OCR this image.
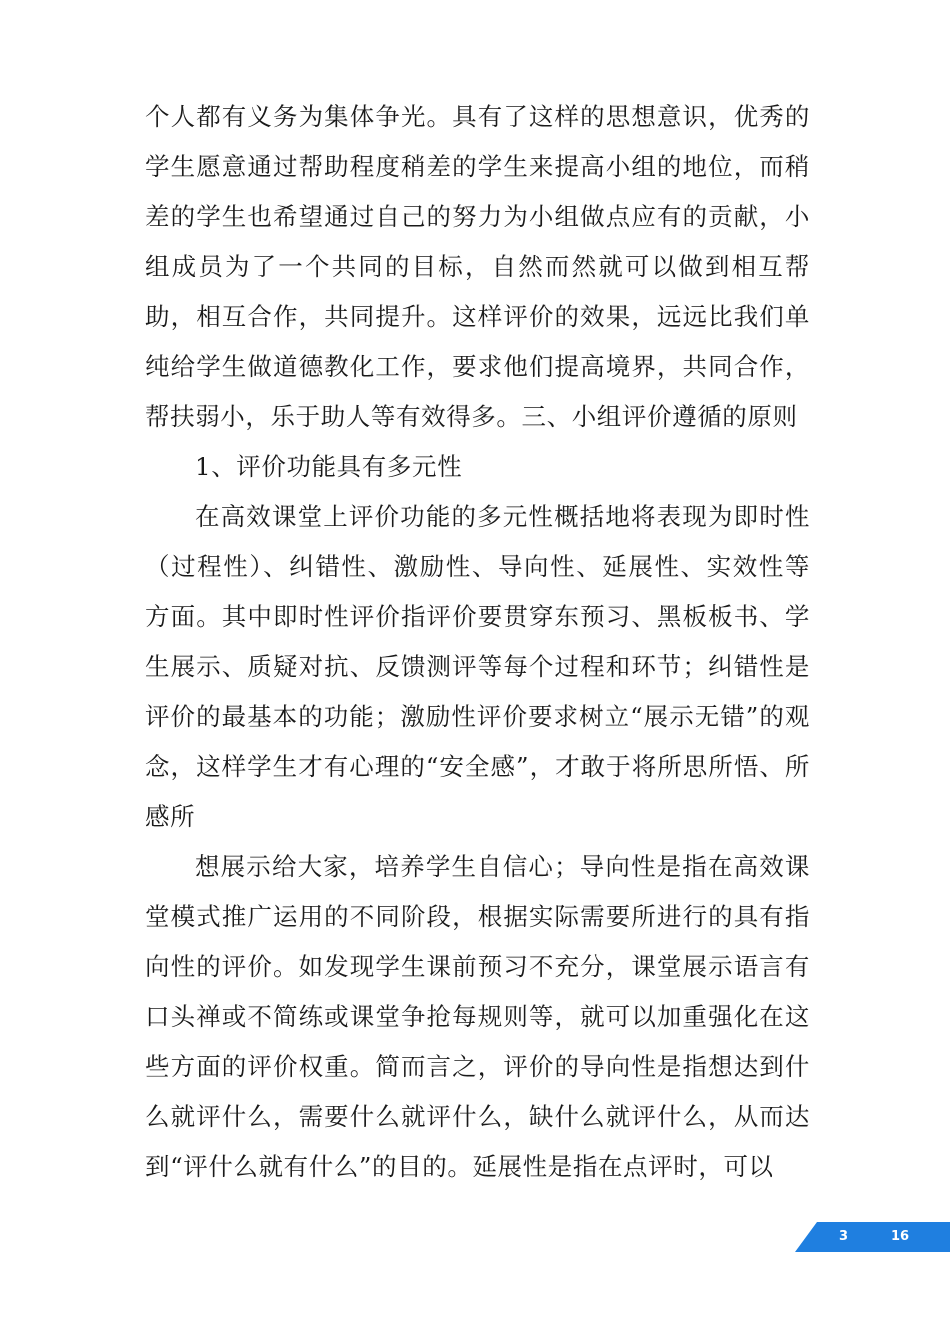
个人都有义务为集体争光。具有了这样的思想意识，优秀的学生愿意通过帮助程度稍差的学生来提高小组的地位，而稍差的学生也希望通过自己的努力为小组做点应有的贡献，小组成员为了一个共同的目标，自然而然就可以做到相互帮助，相互合作，共同提升。这样评价的效果，远远比我们单纯给学生做道德教化工作，要求他们提高境界，共同合作，帮扶弱小，乐于助人等有效得多。三、小组评价遵循的原则

1、评价功能具有多元性

在高效课堂上评价功能的多元性概括地将表现为即时性（过程性）、纠错性、激励性、导向性、延展性、实效性等方面。其中即时性评价指评价要贯穿东预习、黑板板书、学生展示、质疑对抗、反馈测评等每个过程和环节；纠错性是评价的最基本的功能；激励性评价要求树立“展示无错”的观念，这样学生才有心理的“安全感”，才敢于将所思所悟、所感所

想展示给大家，培养学生自信心；导向性是指在高效课堂模式推广运用的不同阶段，根据实际需要所进行的具有指向性的评价。如发现学生课前预习不充分，课堂展示语言有口头禅或不简练或课堂争抢每规则等，就可以加重强化在这些方面的评价权重。简而言之，评价的导向性是指想达到什么就评什么，需要什么就评什么，缺什么就评什么，从而达到“评什么就有什么”的目的。延展性是指在点评时，可以

3	16
